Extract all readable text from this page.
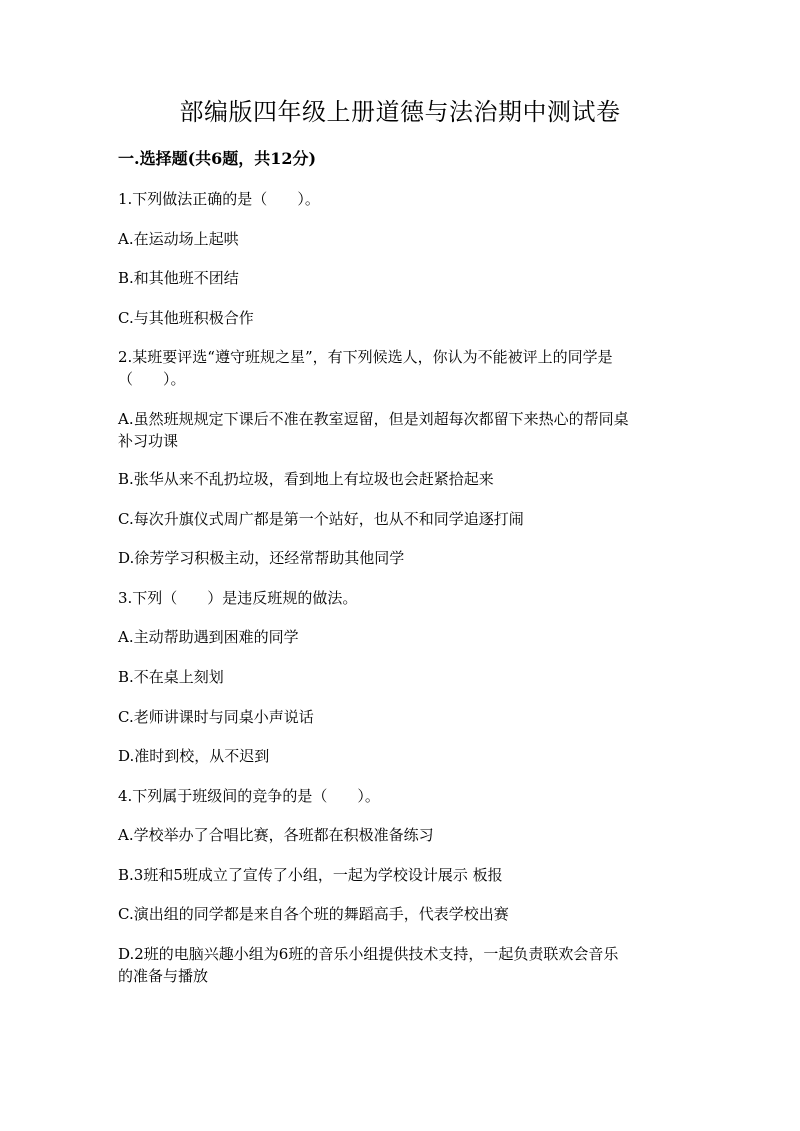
部编版四年级上册道德与法治期中测试卷
一.选择题(共6题，共12分)

1.下列做法正确的是（　　）。

A.在运动场上起哄

B.和其他班不团结

C.与其他班积极合作

2.某班要评选“遵守班规之星”，有下列候选人，你认为不能被评上的同学是

（　　）。

A.虽然班规规定下课后不准在教室逗留，但是刘超每次都留下来热心的帮同桌

补习功课

B.张华从来不乱扔垃圾，看到地上有垃圾也会赶紧拾起来

C.每次升旗仪式周广都是第一个站好，也从不和同学追逐打闹

D.徐芳学习积极主动，还经常帮助其他同学

3.下列（　　）是违反班规的做法。

A.主动帮助遇到困难的同学

B.不在桌上刻划

C.老师讲课时与同桌小声说话

D.准时到校，从不迟到

4.下列属于班级间的竞争的是（　　）。

A.学校举办了合唱比赛，各班都在积极准备练习

B.3班和5班成立了宣传了小组，一起为学校设计展示 板报

C.演出组的同学都是来自各个班的舞蹈高手，代表学校出赛

D.2班的电脑兴趣小组为6班的音乐小组提供技术支持，一起负责联欢会音乐

的准备与播放
